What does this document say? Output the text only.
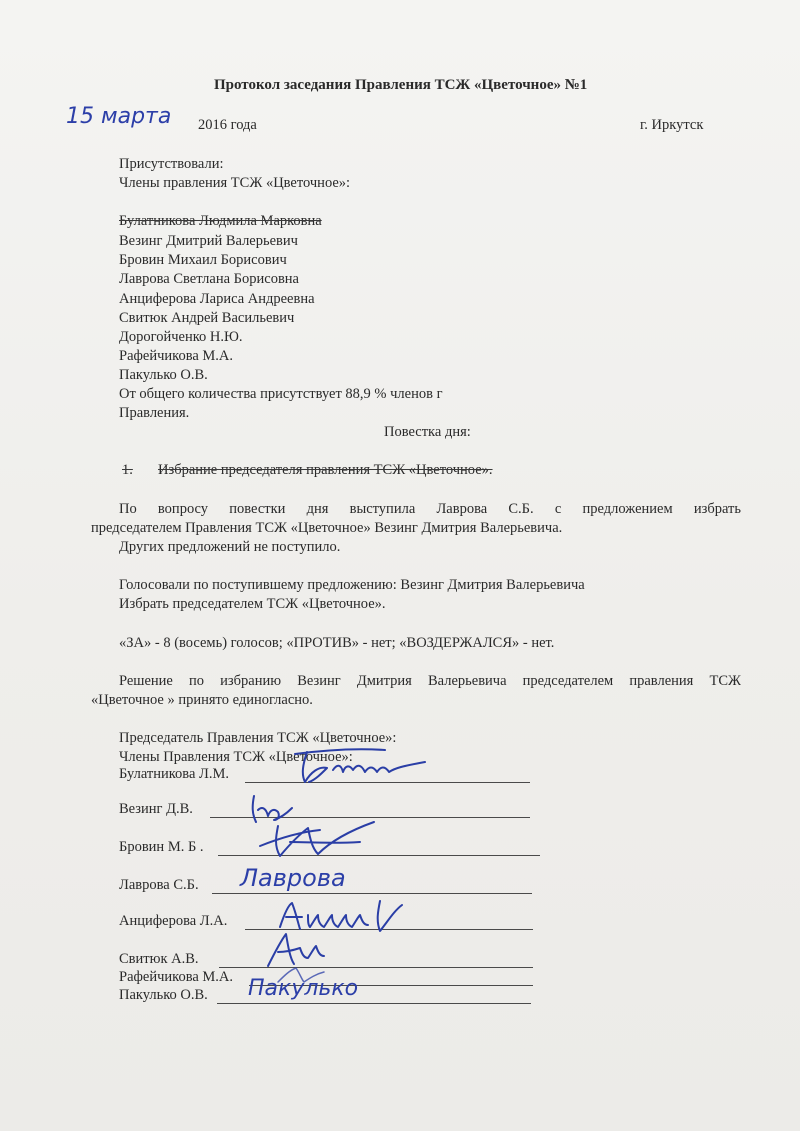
Протокол заседания Правления ТСЖ «Цветочное» №1
15 марта 2016 года	г. Иркутск
Присутствовали:
Члены правления ТСЖ «Цветочное»:
Булатникова Людмила Марковна
Везинг Дмитрий Валерьевич
Бровин Михаил Борисович
Лаврова Светлана Борисовна
Анциферова Лариса Андреевна
Свитюк Андрей Васильевич
Дорогойченко Н.Ю.
Рафейчикова М.А.
Пакулько О.В.
От общего количества присутствует 88,9 % членов г
Правления.
Повестка дня:
1. Избрание председателя правления ТСЖ «Цветочное».
По вопросу повестки дня выступила Лаврова С.Б. с предложением избрать
председателем Правления ТСЖ «Цветочное» Везинг Дмитрия Валерьевича.
Других предложений не поступило.
Голосовали по поступившему предложению: Везинг Дмитрия Валерьевича
Избрать председателем ТСЖ «Цветочное».
«ЗА» - 8 (восемь) голосов; «ПРОТИВ» - нет; «ВОЗДЕРЖАЛСЯ» - нет.
Решение по избранию Везинг Дмитрия Валерьевича председателем правления ТСЖ
«Цветочное » принято единогласно.
Председатель Правления ТСЖ «Цветочное»:
Члены Правления ТСЖ «Цветочное»:
Булатникова Л.М.
Везинг Д.В.
Бровин М. Б .
Лаврова С.Б. Лаврова
Анциферова Л.А.
Свитюк А.В.
Рафейчикова М.А.
Пакулько О.В. Пакулько
